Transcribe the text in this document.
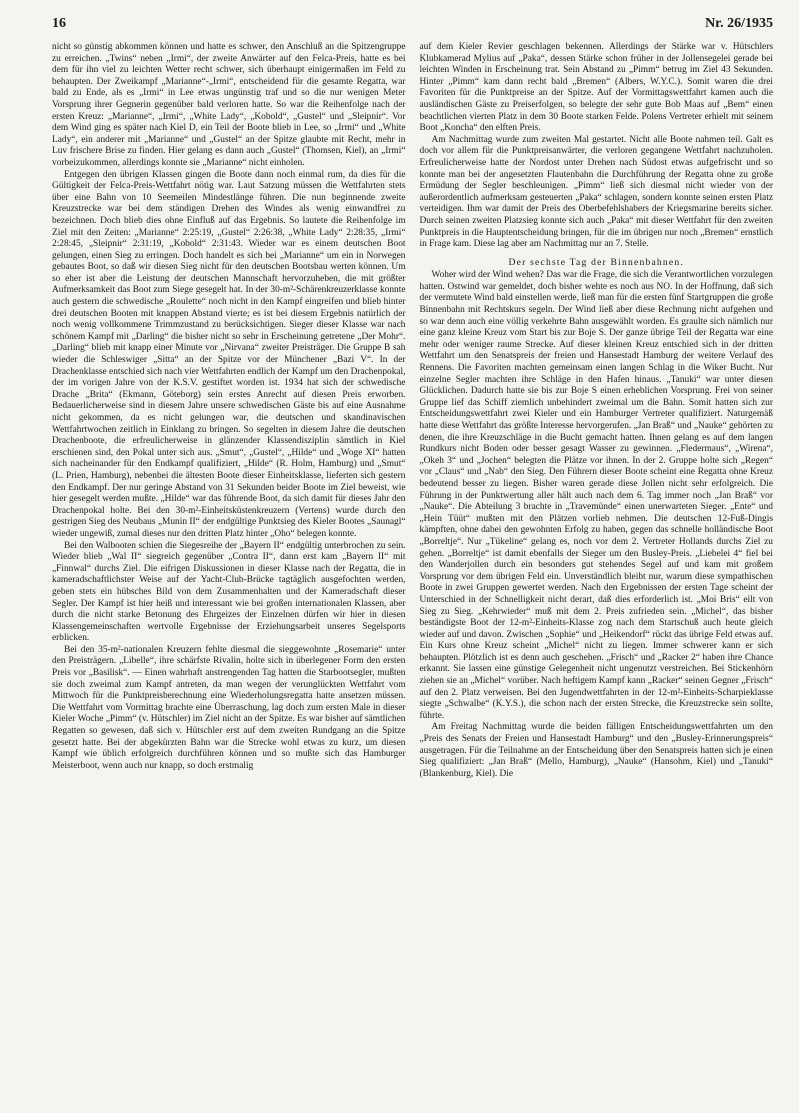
16	Nr. 26/1935

nicht so günstig abkommen können und hatte es schwer, den Anschluß an die Spitzengruppe zu erreichen. „Twins“ neben „Irmi“, der zweite Anwärter auf den Felca-Preis, hatte es bei dem für ihn viel zu leichten Wetter recht schwer, sich überhaupt einigermaßen im Feld zu behaupten. Der Zweikampf „Marianne“-„Irmi“, entscheidend für die gesamte Regatta, war bald zu Ende, als es „Irmi“ in Lee etwas ungünstig traf und so die nur wenigen Meter Vorsprung ihrer Gegnerin gegenüber bald verloren hatte. So war die Reihenfolge nach der ersten Kreuz: „Marianne“, „Irmi“, „White Lady“, „Kobold“, „Gustel“ und „Sleipnir“. Vor dem Wind ging es später nach Kiel D, ein Teil der Boote blieb in Lee, so „Irmi“ und „White Lady“, ein anderer mit „Marianne“ und „Gustel“ an der Spitze glaubte mit Recht, mehr in Luv frischere Brise zu finden. Hier gelang es dann auch „Gustel“ (Thomsen, Kiel), an „Irmi“ vorbeizukommen, allerdings konnte sie „Marianne“ nicht einholen.

Entgegen den übrigen Klassen gingen die Boote dann noch einmal rum, da dies für die Gültigkeit der Felca-Preis-Wettfahrt nötig war. Laut Satzung müssen die Wettfahrten stets über eine Bahn von 10 Seemeilen Mindestlänge führen. Die nun beginnende zweite Kreuzstrecke war bei dem ständigen Drehen des Windes als wenig einwandfrei zu bezeichnen. Doch blieb dies ohne Einfluß auf das Ergebnis. So lautete die Reihenfolge im Ziel mit den Zeiten: „Marianne“ 2:25:19, „Gustel“ 2:26:38, „White Lady“ 2:28:35, „Irmi“ 2:28:45, „Sleipnir“ 2:31:19, „Kobold“ 2:31:43. Wieder war es einem deutschen Boot gelungen, einen Sieg zu erringen. Doch handelt es sich bei „Marianne“ um ein in Norwegen gebautes Boot, so daß wir diesen Sieg nicht für den deutschen Bootsbau werten können. Um so eher ist aber die Leistung der deutschen Mannschaft hervorzuheben, die mit größter Aufmerksamkeit das Boot zum Siege gesegelt hat. In der 30-m²-Schärenkreuzerklasse konnte auch gestern die schwedische „Roulette“ noch nicht in den Kampf eingreifen und blieb hinter drei deutschen Booten mit knappen Abstand vierte; es ist bei diesem Ergebnis natürlich der noch wenig vollkommene Trimmzustand zu berücksichtigen. Sieger dieser Klasse war nach schönem Kampf mit „Darling“ die bisher nicht so sehr in Erscheinung getretene „Der Mohr“. „Darling“ blieb mit knapp einer Minute vor „Nirvana“ zweiter Preisträger. Die Gruppe B sah wieder die Schleswiger „Sitta“ an der Spitze vor der Münchener „Bazi V“. In der Drachenklasse entschied sich nach vier Wettfahrten endlich der Kampf um den Drachenpokal, der im vorigen Jahre von der K.S.V. gestiftet worden ist. 1934 hat sich der schwedische Drache „Brita“ (Ekmann, Göteborg) sein erstes Anrecht auf diesen Preis erworben. Bedauerlicherweise sind in diesem Jahre unsere schwedischen Gäste bis auf eine Ausnahme nicht gekommen, da es nicht gelungen war, die deutschen und skandinavischen Wettfahrtwochen zeitlich in Einklang zu bringen. So segelten in diesem Jahre die deutschen Drachenboote, die erfreulicherweise in glänzender Klassendisziplin sämtlich in Kiel erschienen sind, den Pokal unter sich aus. „Smut“, „Gustel“, „Hilde“ und „Woge XI“ hatten sich nacheinander für den Endkampf qualifiziert, „Hilde“ (R. Holm, Hamburg) und „Smut“ (L. Prien, Hamburg), nebenbei die ältesten Boote dieser Einheitsklasse, lieferten sich gestern den Endkampf. Der nur geringe Abstand von 31 Sekunden beider Boote im Ziel beweist, wie hier gesegelt werden mußte. „Hilde“ war das führende Boot, da sich damit für dieses Jahr den Drachenpokal holte. Bei den 30-m²-Einheitsküstenkreuzern (Vertens) wurde durch den gestrigen Sieg des Neubaus „Munin II“ der endgültige Punktsieg des Kieler Bootes „Saunagl“ wieder ungewiß, zumal dieses nur den dritten Platz hinter „Oho“ belegen konnte.

Bei den Walbooten schien die Siegesreihe der „Bayern II“ endgültig unterbrochen zu sein. Wieder blieb „Wal II“ siegreich gegenüber „Contra II“, dann erst kam „Bayern II“ mit „Finnwal“ durchs Ziel. Die eifrigen Diskussionen in dieser Klasse nach der Regatta, die in kameradschaftlichster Weise auf der Yacht-Club-Brücke tagtäglich ausgefochten werden, geben stets ein hübsches Bild von dem Zusammenhalten und der Kameradschaft dieser Segler. Der Kampf ist hier heiß und interessant wie bei großen internationalen Klassen, aber durch die nicht starke Betonung des Ehrgeizes der Einzelnen dürfen wir hier in diesen Klassengemeinschaften wertvolle Ergebnisse der Erziehungsarbeit unseres Segelsports erblicken.

Bei den 35-m²-nationalen Kreuzern fehlte diesmal die sieggewohnte „Rosemarie“ unter den Preisträgern. „Libelle“, ihre schärfste Rivalin, holte sich in überlegener Form den ersten Preis vor „Basilisk“. — Einen wahrhaft anstrengenden Tag hatten die Starbootsegler, mußten sie doch zweimal zum Kampf antreten, da man wegen der verunglückten Wettfahrt vom Mittwoch für die Punktpreisberechnung eine Wiederholungsregatta hatte ansetzen müssen. Die Wettfahrt vom Vormittag brachte eine Überraschung, lag doch zum ersten Male in dieser Kieler Woche „Pimm“ (v. Hütschler) im Ziel nicht an der Spitze. Es war bisher auf sämtlichen Regatten so gewesen, daß sich v. Hütschler erst auf dem zweiten Rundgang an die Spitze gesetzt hatte. Bei der abgekürzten Bahn war die Strecke wohl etwas zu kurz, um diesen Kampf wie üblich erfolgreich durchführen können und so mußte sich das Hamburger Meisterboot, wenn auch nur knapp, so doch erstmalig

auf dem Kieler Revier geschlagen bekennen. Allerdings der Stärke war v. Hütschlers Klubkamerad Mylius auf „Paka“, dessen Stärke schon früher in der Jollensegelei gerade bei leichten Winden in Erscheinung trat. Sein Abstand zu „Pimm“ betrug im Ziel 43 Sekunden. Hinter „Pimm“ kam dann recht bald „Bremen“ (Albers, W.Y.C.). Somit waren die drei Favoriten für die Punktpreise an der Spitze. Auf der Vormittagswettfahrt kamen auch die ausländischen Gäste zu Preiserfolgen, so belegte der sehr gute Bob Maas auf „Bem“ einen beachtlichen vierten Platz in dem 30 Boote starken Felde. Polens Vertreter erhielt mit seinem Boot „Koncha“ den elften Preis.

Am Nachmittag wurde zum zweiten Mal gestartet. Nicht alle Boote nahmen teil. Galt es doch vor allem für die Punktpreisanwärter, die verloren gegangene Wettfahrt nachzuholen. Erfreulicherweise hatte der Nordost unter Drehen nach Südost etwas aufgefrischt und so konnte man bei der angesetzten Flautenbahn die Durchführung der Regatta ohne zu große Ermüdung der Segler beschleunigen. „Pimm“ ließ sich diesmal nicht wieder von der außerordentlich aufmerksam gesteuerten „Paka“ schlagen, sondern konnte seinen ersten Platz verteidigen. Ihm war damit der Preis des Oberbefehlshabers der Kriegsmarine bereits sicher. Durch seinen zweiten Platzsieg konnte sich auch „Paka“ mit dieser Wettfahrt für den zweiten Punktpreis in die Hauptentscheidung bringen, für die im übrigen nur noch „Bremen“ ernstlich in Frage kam. Diese lag aber am Nachmittag nur an 7. Stelle.

Der sechste Tag der Binnenbahnen.

Woher wird der Wind wehen? Das war die Frage, die sich die Verantwortlichen vorzulegen hatten. Ostwind war gemeldet, doch bisher wehte es noch aus NO. In der Hoffnung, daß sich der vermutete Wind bald einstellen werde, ließ man für die ersten fünf Startgruppen die große Binnenbahn mit Rechtskurs segeln. Der Wind ließ aber diese Rechnung nicht aufgehen und so war denn auch eine völlig verkehrte Bahn ausgewählt worden. Es graulte sich nämlich nur eine ganz kleine Kreuz vom Start bis zur Boje S. Der ganze übrige Teil der Regatta war eine mehr oder weniger raume Strecke. Auf dieser kleinen Kreuz entschied sich in der dritten Wettfahrt um den Senatspreis der freien und Hansestadt Hamburg der weitere Verlauf des Rennens. Die Favoriten machten gemeinsam einen langen Schlag in die Wiker Bucht. Nur einzelne Segler machten ihre Schläge in den Hafen hinaus. „Tanuki“ war unter diesen Glücklichen. Dadurch hatte sie bis zur Boje S einen erheblichen Vorsprung. Frei von seiner Gruppe lief das Schiff ziemlich unbehindert zweimal um die Bahn. Somit hatten sich zur Entscheidungswettfahrt zwei Kieler und ein Hamburger Vertreter qualifiziert. Naturgemäß hatte diese Wettfahrt das größte Interesse hervorgerufen. „Jan Braß“ und „Nauke“ gehörten zu denen, die ihre Kreuzschläge in die Bucht gemacht hatten. Ihnen gelang es auf dem langen Rundkurs nicht Boden oder besser gesagt Wasser zu gewinnen. „Fledermaus“, „Wirena“, „Okeh 3“ und „Jochen“ belegten die Plätze vor ihnen. In der 2. Gruppe holte sich „Regen“ vor „Claus“ und „Nab“ den Sieg. Den Führern dieser Boote scheint eine Regatta ohne Kreuz bedeutend besser zu liegen. Bisher waren gerade diese Jollen nicht sehr erfolgreich. Die Führung in der Punktwertung aller hält auch nach dem 6. Tag immer noch „Jan Braß“ vor „Nauke“. Die Abteilung 3 brachte in „Travemünde“ einen unerwarteten Sieger. „Ente“ und „Hein Tüüt“ mußten mit den Plätzen vorlieb nehmen. Die deutschen 12-Fuß-Dingis kämpften, ohne dabei den gewohnten Erfolg zu haben, gegen das schnelle holländische Boot „Borreltje“. Nur „Tükeline“ gelang es, noch vor dem 2. Vertreter Hollands durchs Ziel zu gehen. „Borreltje“ ist damit ebenfalls der Sieger um den Busley-Preis. „Liebelei 4“ fiel bei den Wanderjollen durch ein besonders gut stehendes Segel auf und kam mit großem Vorsprung vor dem übrigen Feld ein. Unverständlich bleibt nur, warum diese sympathischen Boote in zwei Gruppen gewertet werden. Nach den Ergebnissen der ersten Tage scheint der Unterschied in der Schnelligkeit nicht derart, daß dies erforderlich ist. „Moi Bris“ eilt von Sieg zu Sieg. „Kehrwieder“ muß mit dem 2. Preis zufrieden sein. „Michel“, das bisher beständigste Boot der 12-m²-Einheits-Klasse zog nach dem Startschuß auch heute gleich wieder auf und davon. Zwischen „Sophie“ und „Heikendorf“ rückt das übrige Feld etwas auf. Ein Kurs ohne Kreuz scheint „Michel“ nicht zu liegen. Immer schwerer kann er sich behaupten. Plötzlich ist es denn auch geschehen. „Frisch“ und „Racker 2“ haben ihre Chance erkannt. Sie lassen eine günstige Gelegenheit nicht ungenutzt verstreichen. Bei Stickenhörn ziehen sie an „Michel“ vorüber. Nach heftigem Kampf kann „Racker“ seinen Gegner „Frisch“ auf den 2. Platz verweisen. Bei den Jugendwettfahrten in der 12-m²-Einheits-Scharpieklasse siegte „Schwalbe“ (K.Y.S.), die schon nach der ersten Strecke, die Kreuzstrecke sein sollte, führte.

Am Freitag Nachmittag wurde die beiden fälligen Entscheidungswettfahrten um den „Preis des Senats der Freien und Hansestadt Hamburg“ und den „Busley-Erinnerungspreis“ ausgetragen. Für die Teilnahme an der Entscheidung über den Senatspreis hatten sich je einen Sieg qualifiziert: „Jan Braß“ (Mello, Hamburg), „Nauke“ (Hansohm, Kiel) und „Tanuki“ (Blankenburg, Kiel). Die
